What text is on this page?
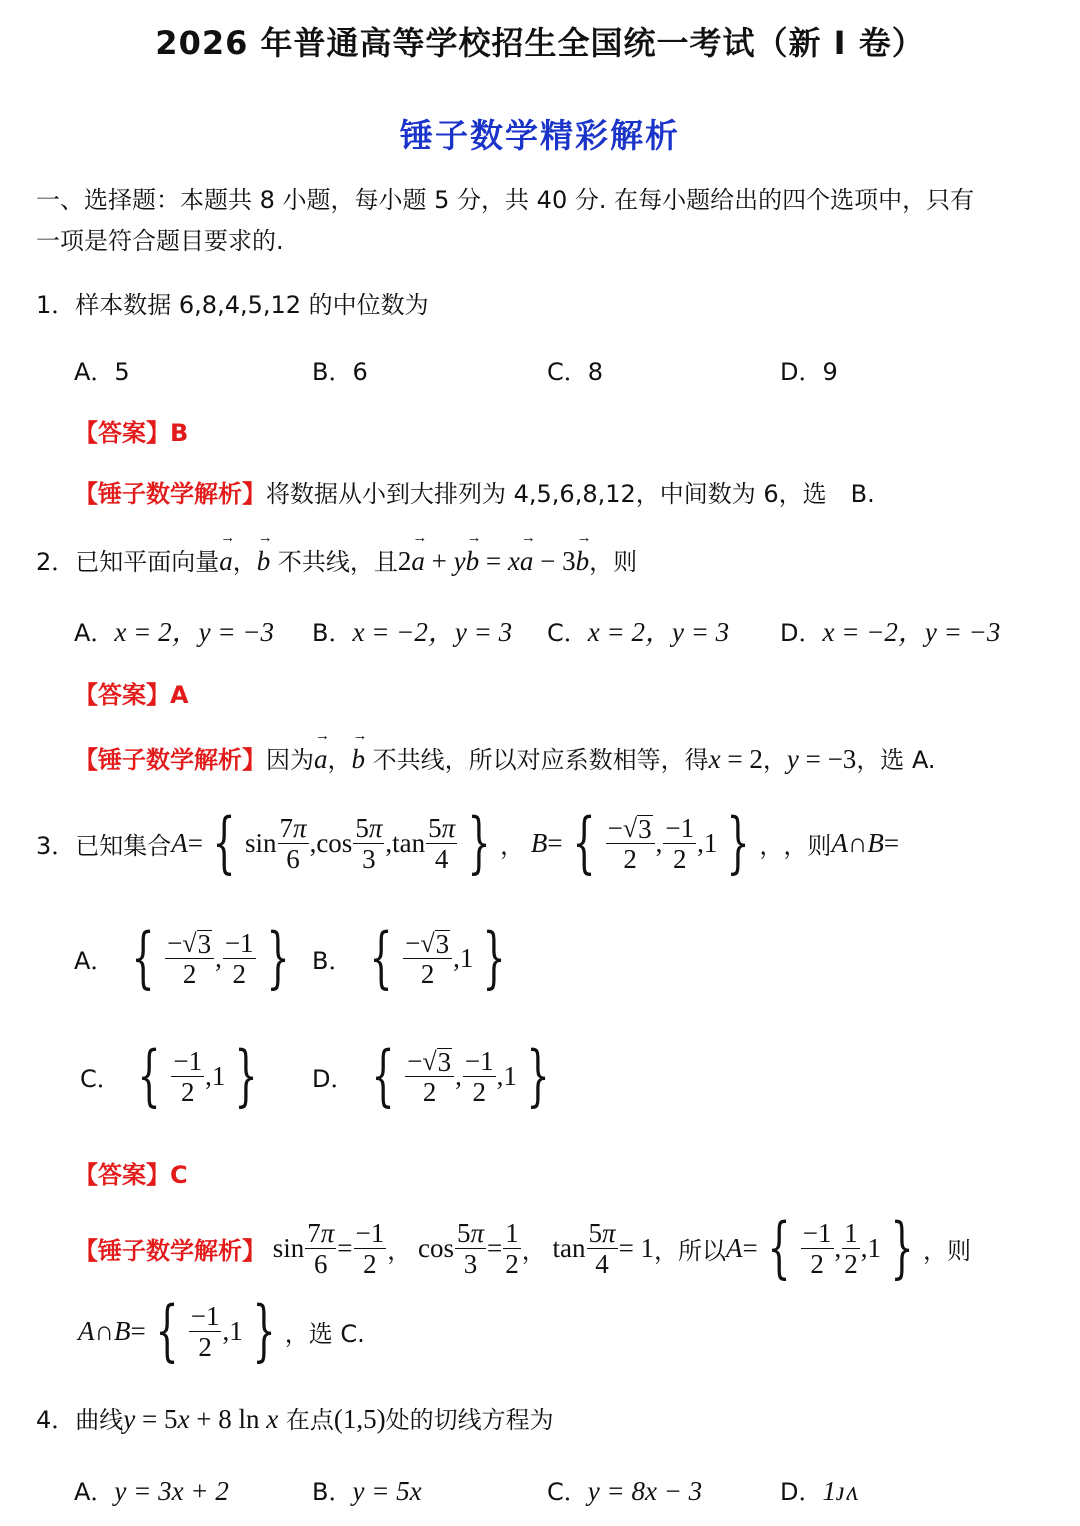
2026 年普通高等学校招生全国统一考试（新 I 卷）
锤子数学精彩解析
一、选择题：本题共 8 小题，每小题 5 分，共 40 分. 在每小题给出的四个选项中，只有
一项是符合题目要求的.
1．样本数据 6,8,4,5,12 的中位数为
A．5	B．6	C．8	D．9
【答案】B
【锤子数学解析】将数据从小到大排列为 4,5,6,8,12，中间数为 6，选　B.
2．已知平面向量→ a，→ b 不共线，且2→ a + y→ b = x→ a − 3→ b，则
A．x = 2，y = −3 B．x = −2，y = 3 C．x = 2，y = 3 D．x = −2，y = −3
【答案】A
【锤子数学解析】因为→ a，→ b 不共线，所以对应系数相等，得x = 2，y = −3，选 A.
3．已知集合 A = { sin 7π
6
,cos 5π
3
,tan 5π
4 } ， B = { − √ 3
2
, −1
2
,1 } ， ，则 A ∩ B =
A．
{ − √ 3
2
, −1
2 } B．
{ − √ 3
2
,1 }
C．
{ −1
2
,1 } D．
{ − √ 3
2
, −1
2
,1 }
【答案】C
【锤子数学解析】 $\sin \frac{7\pi}{6} = \frac{-1}{2}$ ， $\cos \frac{5\pi}{3} = \frac{1}{2}$ ， $\tan \frac{5\pi}{4} = 1$ ，所以 A = { −1
2
, 1
2
,1 } ，则
A ∩ B = { −1
2
,1 } ，选 C.
4．曲线y = 5x + 8 ln x 在点(1,5)处的切线方程为
A．y = 3x + 2	B．y = 5x	C．y = 8x − 3	D．1ᴊʌ
